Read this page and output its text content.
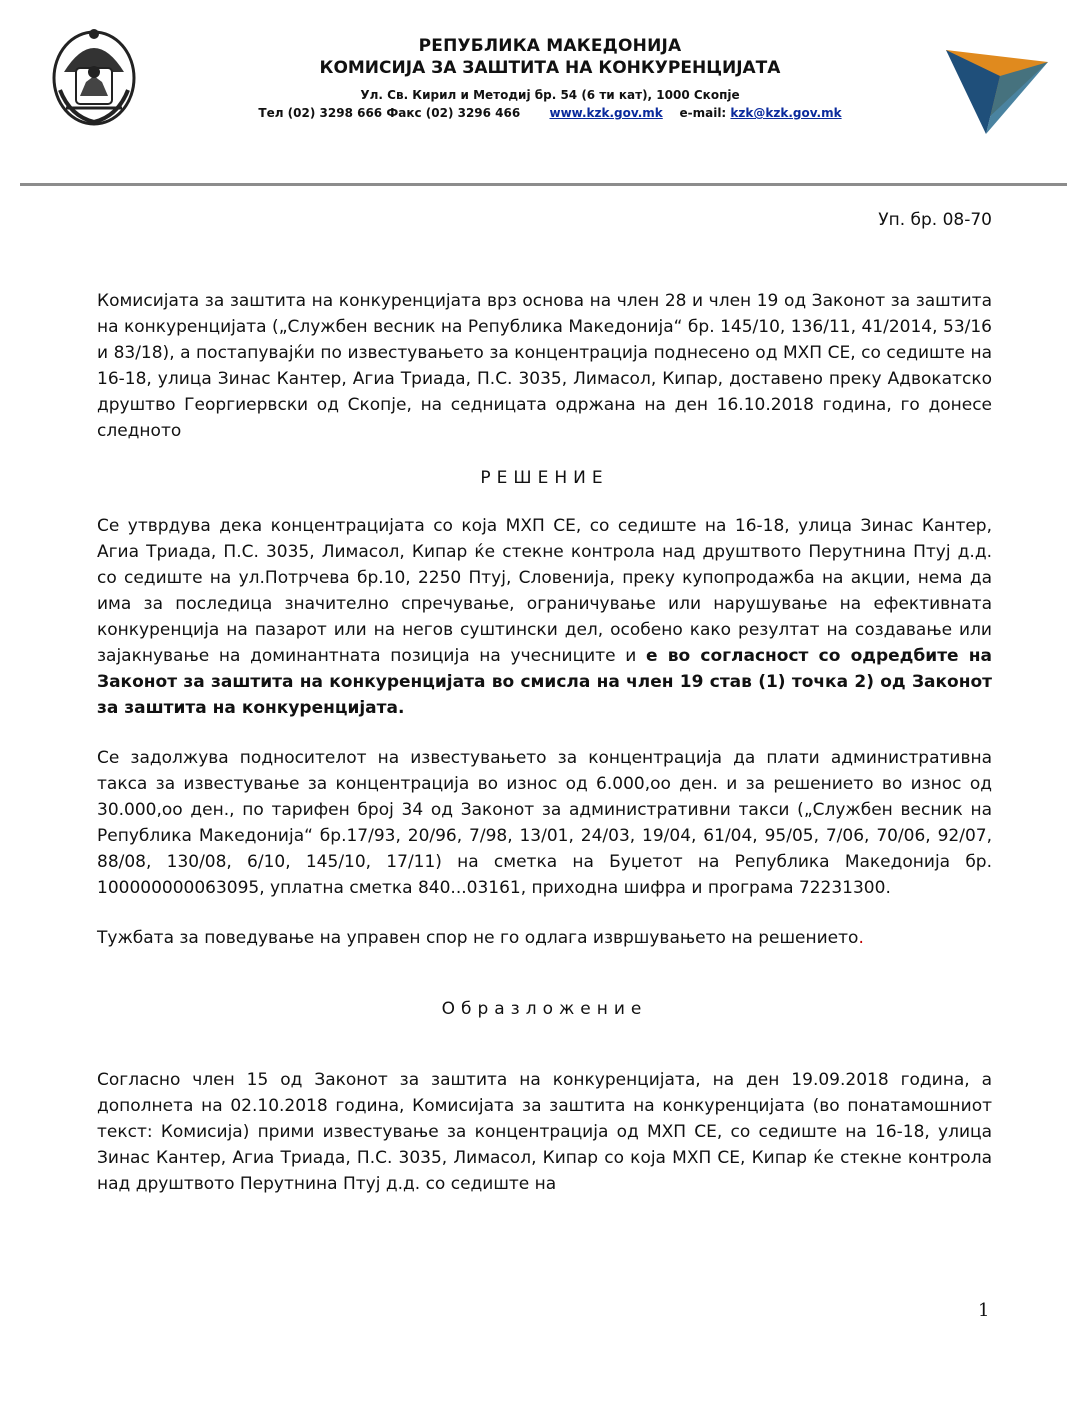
РЕПУБЛИКА МАКЕДОНИЈА
КОМИСИЈА ЗА ЗАШТИТА НА КОНКУРЕНЦИЈАТА
Ул. Св. Кирил и Методиј бр. 54 (6 ти кат), 1000 Скопје
Тел (02) 3298 666 Факс (02) 3296 466 www.kzk.gov.mk e-mail: kzk@kzk.gov.mk
Уп. бр. 08-70

Комисијата за заштита на конкуренцијата врз основа на член 28 и член 19 од Законот за заштита на конкуренцијата („Службен весник на Република Македонија“ бр. 145/10, 136/11, 41/2014, 53/16 и 83/18), а постапувајќи по известувањето за концентрација поднесено од МХП СЕ, со седиште на 16-18, улица Зинас Кантер, Агиа Триада, П.С. 3035, Лимасол, Кипар, доставено преку Адвокатско друштво Георгиервски од Скопје, на седницата одржана на ден 16.10.2018 година, го донесе следното

РЕШЕНИЕ

Се утврдува дека концентрацијата со која МХП СЕ, со седиште на 16-18, улица Зинас Кантер, Агиа Триада, П.С. 3035, Лимасол, Кипар ќе стекне контрола над друштвото Перутнина Птуј д.д. со седиште на ул.Потрчева бр.10, 2250 Птуј, Словенија, преку купопродажба на акции, нема да има за последица значително спречување, ограничување или нарушување на ефективната конкуренција на пазарот или на негов суштински дел, особено како резултат на создавање или зајакнување на доминантната позиција на учесниците и е во согласност со одредбите на Законот за заштита на конкуренцијата во смисла на член 19 став (1) точка 2) од Законот за заштита на конкуренцијата.

Се задолжува подносителот на известувањето за концентрација да плати административна такса за известување за концентрација во износ од 6.000,оо ден. и за решението во износ од 30.000,оо ден., по тарифен број 34 од Законот за административни такси („Службен весник на Република Македонија“ бр.17/93, 20/96, 7/98, 13/01, 24/03, 19/04, 61/04, 95/05, 7/06, 70/06, 92/07, 88/08, 130/08, 6/10, 145/10, 17/11) на сметка на Буџетот на Република Македонија бр. 100000000063095, уплатна сметка 840...03161, приходна шифра и програма 72231300.

Тужбата за поведување на управен спор не го одлага извршувањето на решението.

Образложение

Согласно член 15 од Законот за заштита на конкуренцијата, на ден 19.09.2018 година, а дополнета на 02.10.2018 година, Комисијата за заштита на конкуренцијата (во понатамошниот текст: Комисија) прими известување за концентрација од МХП СЕ, со седиште на 16-18, улица Зинас Кантер, Агиа Триада, П.С. 3035, Лимасол, Кипар со која МХП СЕ, Кипар ќе стекне контрола над друштвото Перутнина Птуј д.д. со седиште на

1
